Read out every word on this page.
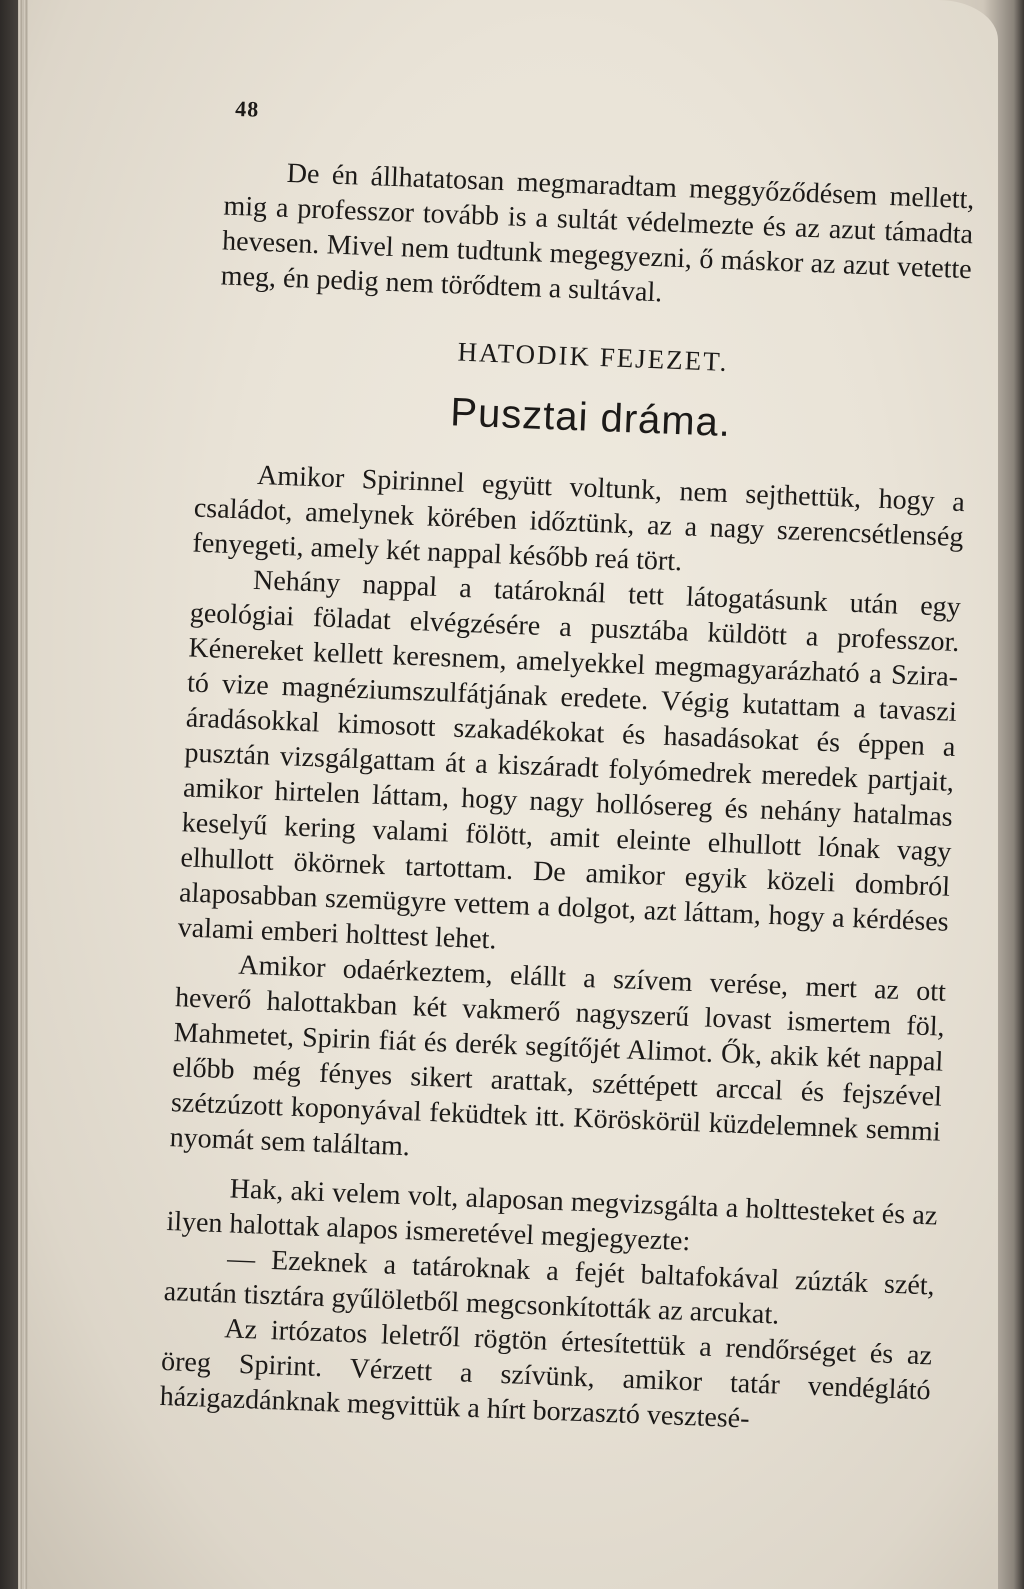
48

De én állhatatosan megmaradtam meggyőződésem mellett, mig a professzor tovább is a sultát védelmezte és az azut támadta hevesen. Mivel nem tudtunk megegyezni, ő máskor az azut vetette meg, én pedig nem törődtem a sultával.

HATODIK FEJEZET.
Pusztai dráma.

Amikor Spirinnel együtt voltunk, nem sejthettük, hogy a családot, amelynek körében időztünk, az a nagy szerencsétlenség fenyegeti, amely két nappal később reá tört.

Nehány nappal a tatároknál tett látogatásunk után egy geológiai föladat elvégzésére a pusztába küldött a professzor. Kénereket kellett keresnem, amelyekkel megmagyarázható a Szira-tó vize magnéziumszulfátjának eredete. Végig kutattam a tavaszi áradásokkal kimosott szakadékokat és hasadásokat és éppen a pusztán vizsgálgattam át a kiszáradt folyómedrek meredek partjait, amikor hirtelen láttam, hogy nagy hollósereg és nehány hatalmas keselyű kering valami fölött, amit eleinte elhullott lónak vagy elhullott ökörnek tartottam. De amikor egyik közeli dombról alaposabban szemügyre vettem a dolgot, azt láttam, hogy a kérdéses valami emberi holttest lehet.

Amikor odaérkeztem, elállt a szívem verése, mert az ott heverő halottakban két vakmerő nagyszerű lovast ismertem föl, Mahmetet, Spirin fiát és derék segítőjét Alimot. Ők, akik két nappal előbb még fényes sikert arattak, széttépett arccal és fejszével szétzúzott koponyával feküdtek itt. Köröskörül küzdelemnek semmi nyomát sem találtam.

Hak, aki velem volt, alaposan megvizsgálta a holttesteket és az ilyen halottak alapos ismeretével megjegyezte:

— Ezeknek a tatároknak a fejét baltafokával zúzták szét, azután tisztára gyűlöletből megcsonkították az arcukat.

Az irtózatos leletről rögtön értesítettük a rendőrséget és az öreg Spirint. Vérzett a szívünk, amikor tatár vendéglátó házigazdánknak megvittük a hírt borzasztó vesztesé-
